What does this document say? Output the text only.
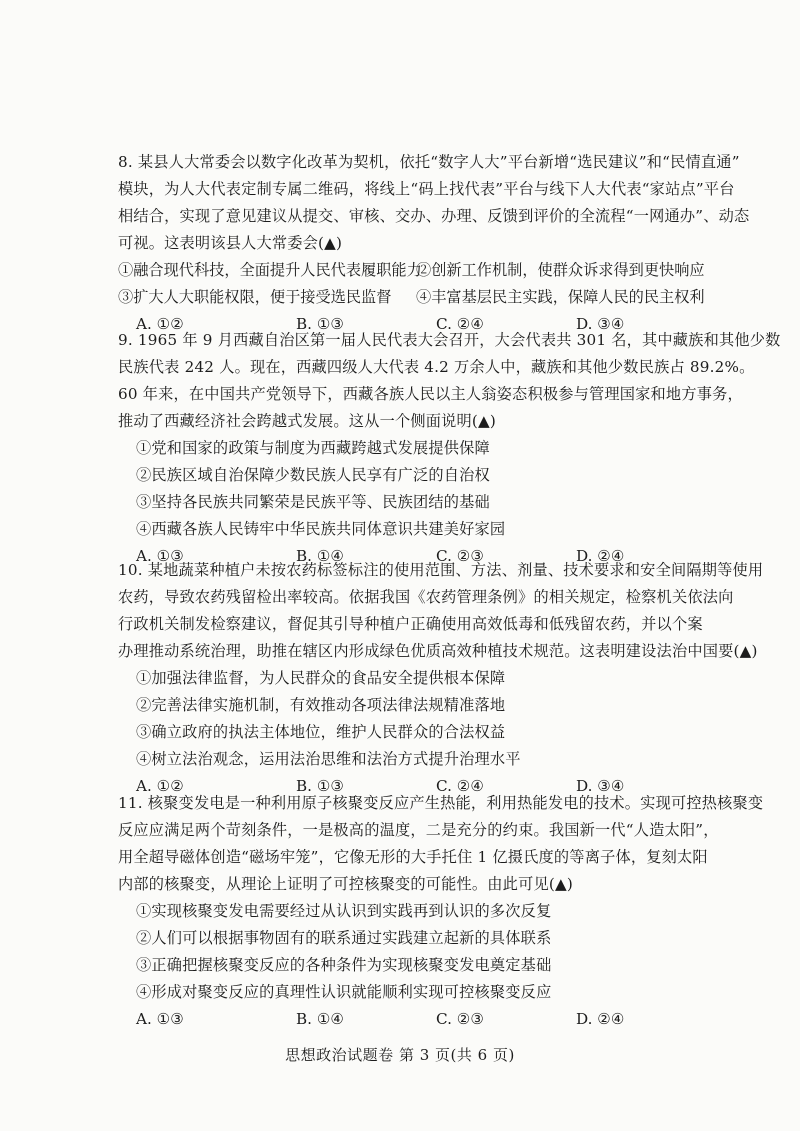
8. 某县人大常委会以数字化改革为契机，依托“数字人大”平台新增“选民建议”和“民情直通”
模块，为人大代表定制专属二维码，将线上“码上找代表”平台与线下人大代表“家站点”平台
相结合，实现了意见建议从提交、审核、交办、办理、反馈到评价的全流程“一网通办”、动态
可视。这表明该县人大常委会(▲)
①融合现代科技，全面提升人民代表履职能力
②创新工作机制，使群众诉求得到更快响应
③扩大人大职能权限，便于接受选民监督 ④丰富基层民主实践，保障人民的民主权利
A. ①②	B. ①③	C. ②④	D. ③④
9. 1965 年 9 月西藏自治区第一届人民代表大会召开，大会代表共 301 名，其中藏族和其他少数
民族代表 242 人。现在，西藏四级人大代表 4.2 万余人中，藏族和其他少数民族占 89.2%。
60 年来，在中国共产党领导下，西藏各族人民以主人翁姿态积极参与管理国家和地方事务，
推动了西藏经济社会跨越式发展。这从一个侧面说明(▲)
①党和国家的政策与制度为西藏跨越式发展提供保障
②民族区域自治保障少数民族人民享有广泛的自治权
③坚持各民族共同繁荣是民族平等、民族团结的基础
④西藏各族人民铸牢中华民族共同体意识共建美好家园
A. ①③	B. ①④	C. ②③	D. ②④
10. 某地蔬菜种植户未按农药标签标注的使用范围、方法、剂量、技术要求和安全间隔期等使用
农药，导致农药残留检出率较高。依据我国《农药管理条例》的相关规定，检察机关依法向
行政机关制发检察建议，督促其引导种植户正确使用高效低毒和低残留农药，并以个案
办理推动系统治理，助推在辖区内形成绿色优质高效种植技术规范。这表明建设法治中国要(▲)
①加强法律监督，为人民群众的食品安全提供根本保障
②完善法律实施机制，有效推动各项法律法规精准落地
③确立政府的执法主体地位，维护人民群众的合法权益
④树立法治观念，运用法治思维和法治方式提升治理水平
A. ①②	B. ①③	C. ②④	D. ③④
11. 核聚变发电是一种利用原子核聚变反应产生热能，利用热能发电的技术。实现可控热核聚变
反应应满足两个苛刻条件，一是极高的温度，二是充分的约束。我国新一代“人造太阳”，
用全超导磁体创造“磁场牢笼”，它像无形的大手托住 1 亿摄氏度的等离子体，复刻太阳
内部的核聚变，从理论上证明了可控核聚变的可能性。由此可见(▲)
①实现核聚变发电需要经过从认识到实践再到认识的多次反复
②人们可以根据事物固有的联系通过实践建立起新的具体联系
③正确把握核聚变反应的各种条件为实现核聚变发电奠定基础
④形成对聚变反应的真理性认识就能顺利实现可控核聚变反应
A. ①③	B. ①④	C. ②③	D. ②④
思想政治试题卷 第 3 页(共 6 页)
